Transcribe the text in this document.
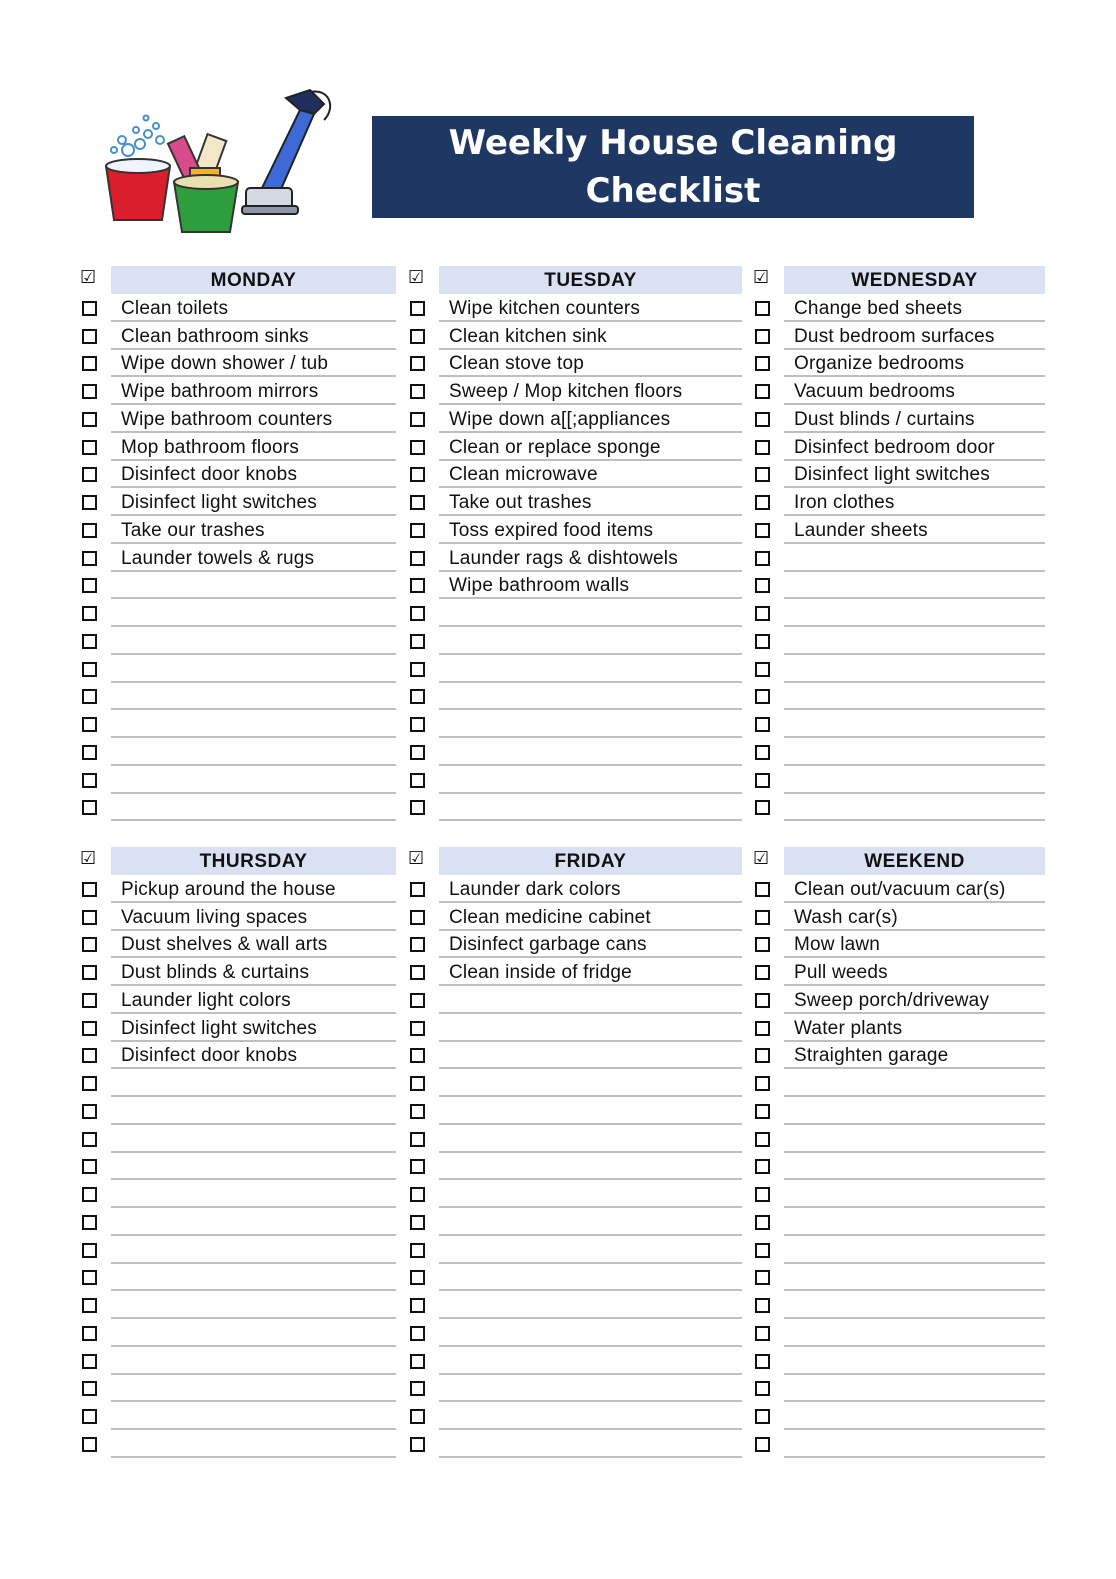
Weekly House Cleaning
Checklist
☑	MONDAY
Clean toilets
Clean bathroom sinks
Wipe down shower / tub
Wipe bathroom mirrors
Wipe bathroom counters
Mop bathroom floors
Disinfect door knobs
Disinfect light switches
Take our trashes
Launder towels & rugs
☑	TUESDAY
Wipe kitchen counters
Clean kitchen sink
Clean stove top
Sweep / Mop kitchen floors
Wipe down a[[;appliances
Clean or replace sponge
Clean microwave
Take out trashes
Toss expired food items
Launder rags & dishtowels
Wipe bathroom walls
☑	WEDNESDAY
Change bed sheets
Dust bedroom surfaces
Organize bedrooms
Vacuum bedrooms
Dust blinds / curtains
Disinfect bedroom door
Disinfect light switches
Iron clothes
Launder sheets
☑	THURSDAY
Pickup around the house
Vacuum living spaces
Dust shelves & wall arts
Dust blinds & curtains
Launder light colors
Disinfect light switches
Disinfect door knobs
☑	FRIDAY
Launder dark colors
Clean medicine cabinet
Disinfect garbage cans
Clean inside of fridge
☑	WEEKEND
Clean out/vacuum car(s)
Wash car(s)
Mow lawn
Pull weeds
Sweep porch/driveway
Water plants
Straighten garage
